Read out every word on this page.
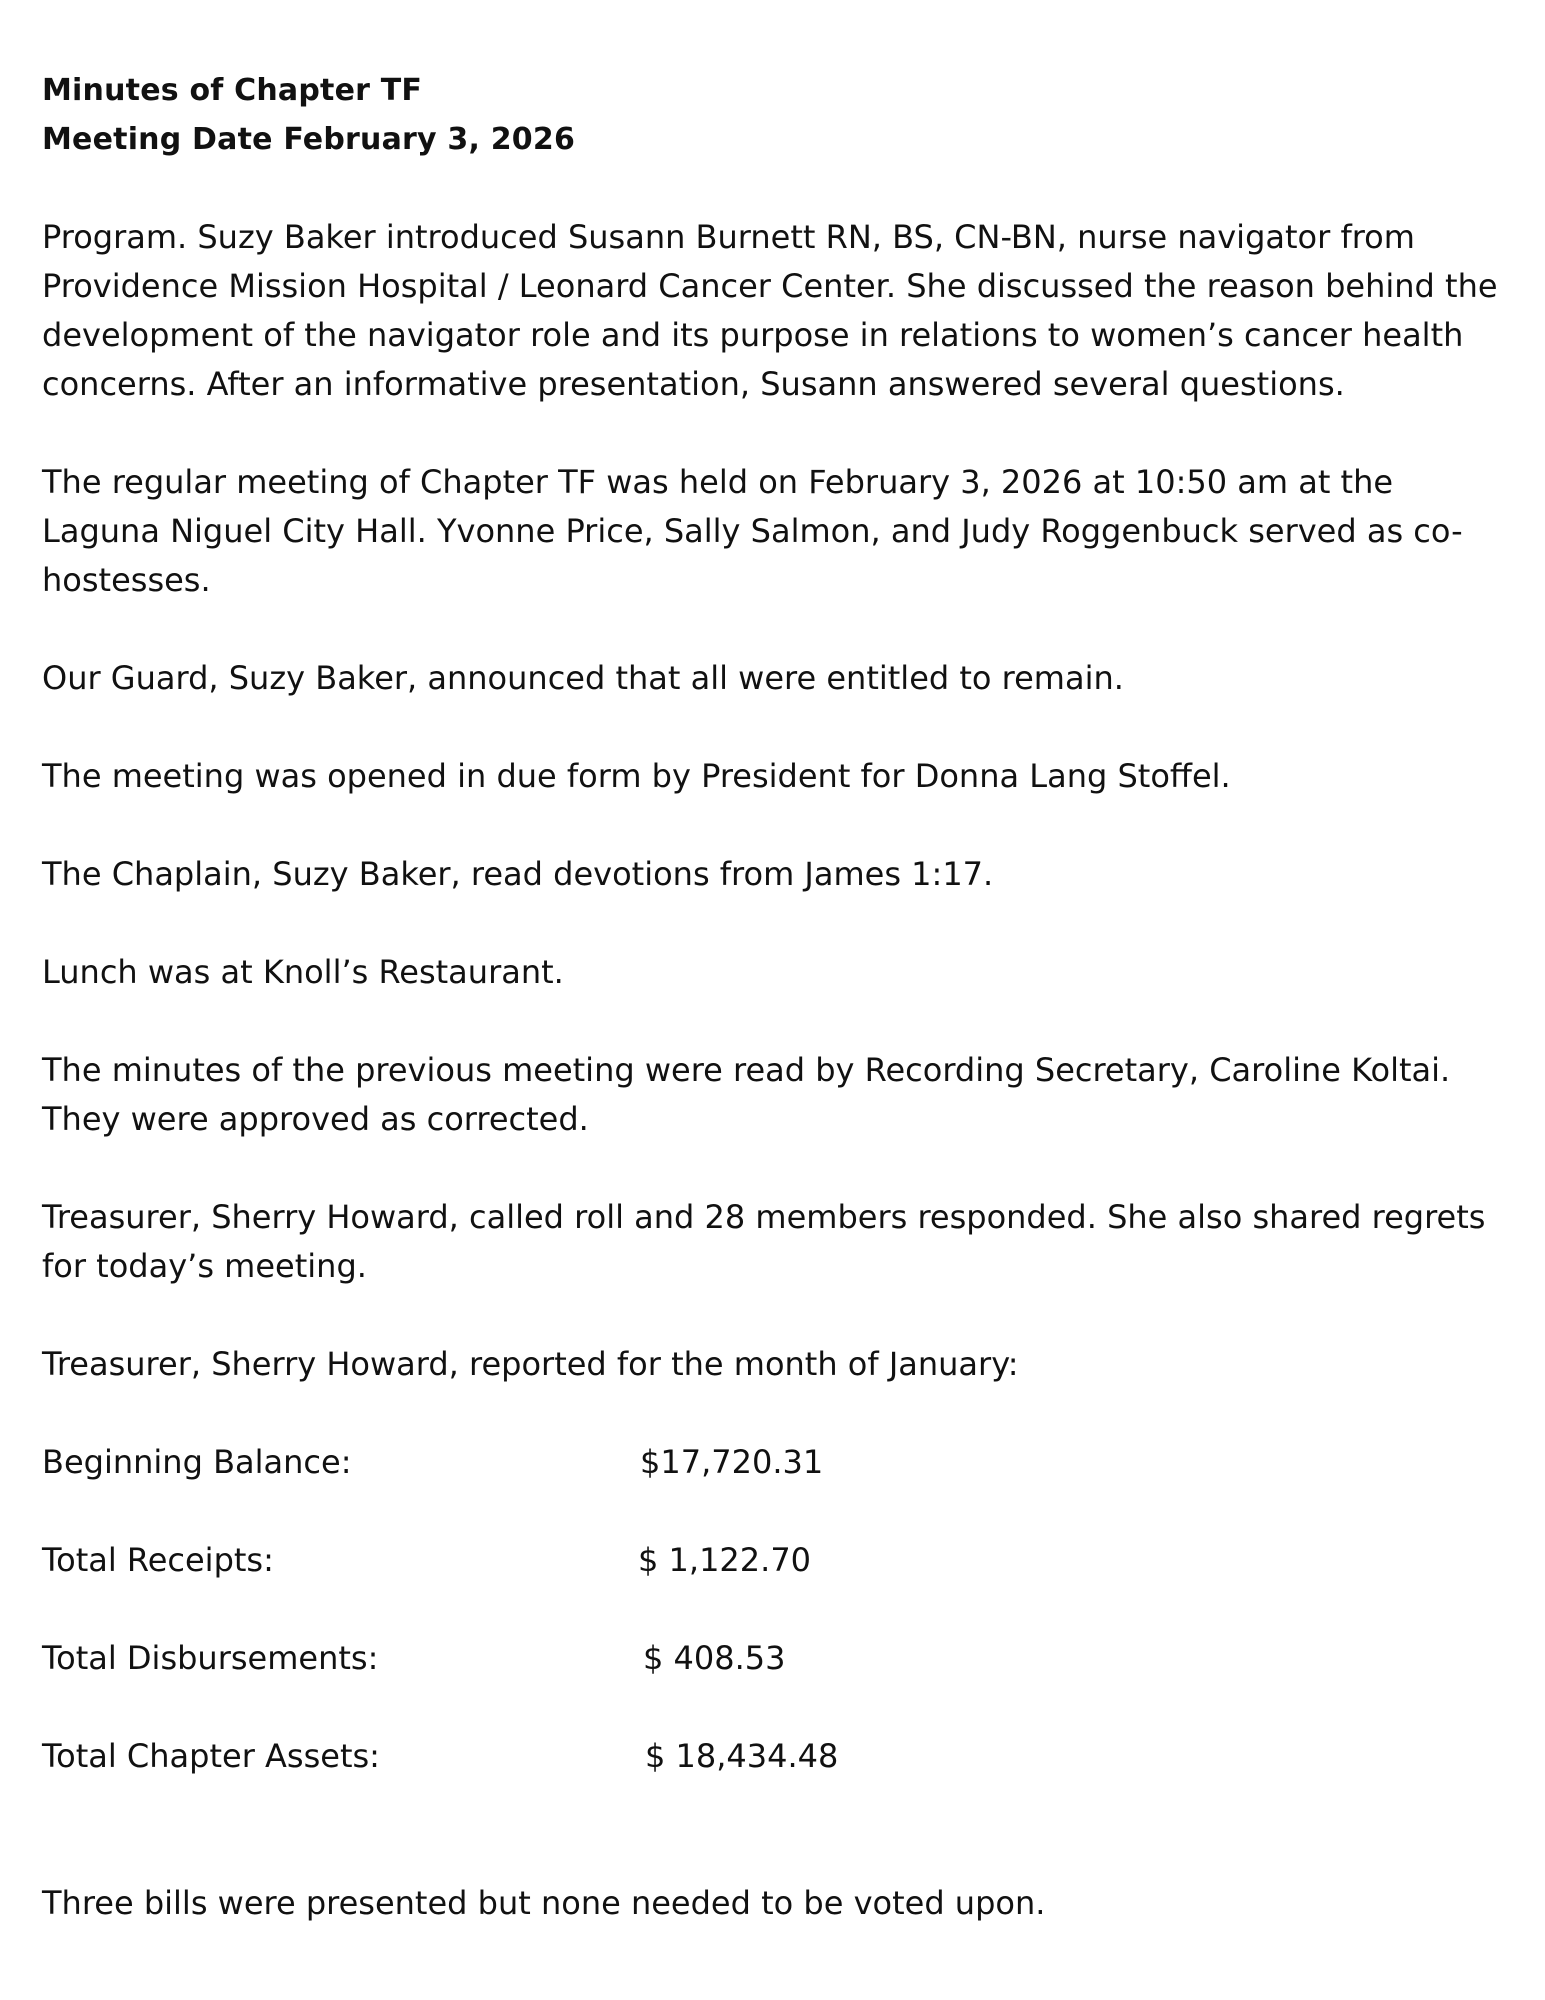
Minutes of Chapter TF

Meeting Date February 3, 2026

Program. Suzy Baker introduced Susann Burnett RN, BS, CN-BN, nurse navigator from Providence Mission Hospital / Leonard Cancer Center. She discussed the reason behind the development of the navigator role and its purpose in relations to women’s cancer health concerns. After an informative presentation, Susann answered several questions.

The regular meeting of Chapter TF was held on February 3, 2026 at 10:50 am at the Laguna Niguel City Hall. Yvonne Price, Sally Salmon, and Judy Roggenbuck served as co-hostesses.

Our Guard, Suzy Baker, announced that all were entitled to remain.

The meeting was opened in due form by President for Donna Lang Stoffel.

The Chaplain, Suzy Baker, read devotions from James 1:17.

Lunch was at Knoll’s Restaurant.

The minutes of the previous meeting were read by Recording Secretary, Caroline Koltai. They were approved as corrected.

Treasurer, Sherry Howard, called roll and 28 members responded. She also shared regrets for today’s meeting.

Treasurer, Sherry Howard, reported for the month of January:

Beginning Balance:	$17,720.31
Total Receipts:	$ 1,122.70
Total Disbursements:	$ 408.53
Total Chapter Assets:	$ 18,434.48

Three bills were presented but none needed to be voted upon.
